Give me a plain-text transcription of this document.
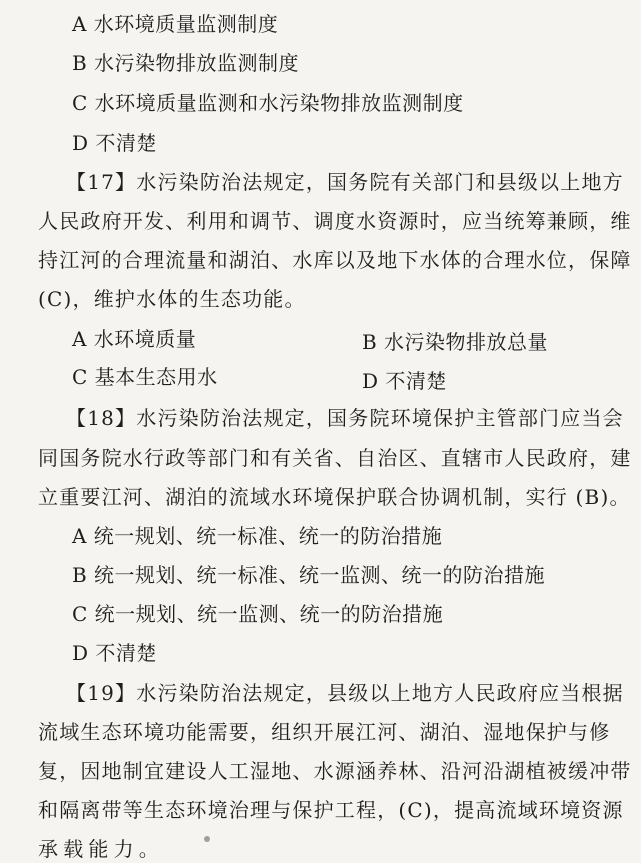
A 水环境质量监测制度
B 水污染物排放监测制度
C 水环境质量监测和水污染物排放监测制度
D 不清楚
【17】水污染防治法规定，国务院有关部门和县级以上地方
人民政府开发、利用和调节、调度水资源时，应当统筹兼顾，维
持江河的合理流量和湖泊、水库以及地下水体的合理水位，保障
(C)，维护水体的生态功能。
A 水环境质量	B 水污染物排放总量
C 基本生态用水	D 不清楚
【18】水污染防治法规定，国务院环境保护主管部门应当会
同国务院水行政等部门和有关省、自治区、直辖市人民政府，建
立重要江河、湖泊的流域水环境保护联合协调机制，实行 (B)。
A 统一规划、统一标准、统一的防治措施
B 统一规划、统一标准、统一监测、统一的防治措施
C 统一规划、统一监测、统一的防治措施
D 不清楚
【19】水污染防治法规定，县级以上地方人民政府应当根据
流域生态环境功能需要，组织开展江河、湖泊、湿地保护与修
复，因地制宜建设人工湿地、水源涵养林、沿河沿湖植被缓冲带
和隔离带等生态环境治理与保护工程，(C)，提高流域环境资源
承载能力。
